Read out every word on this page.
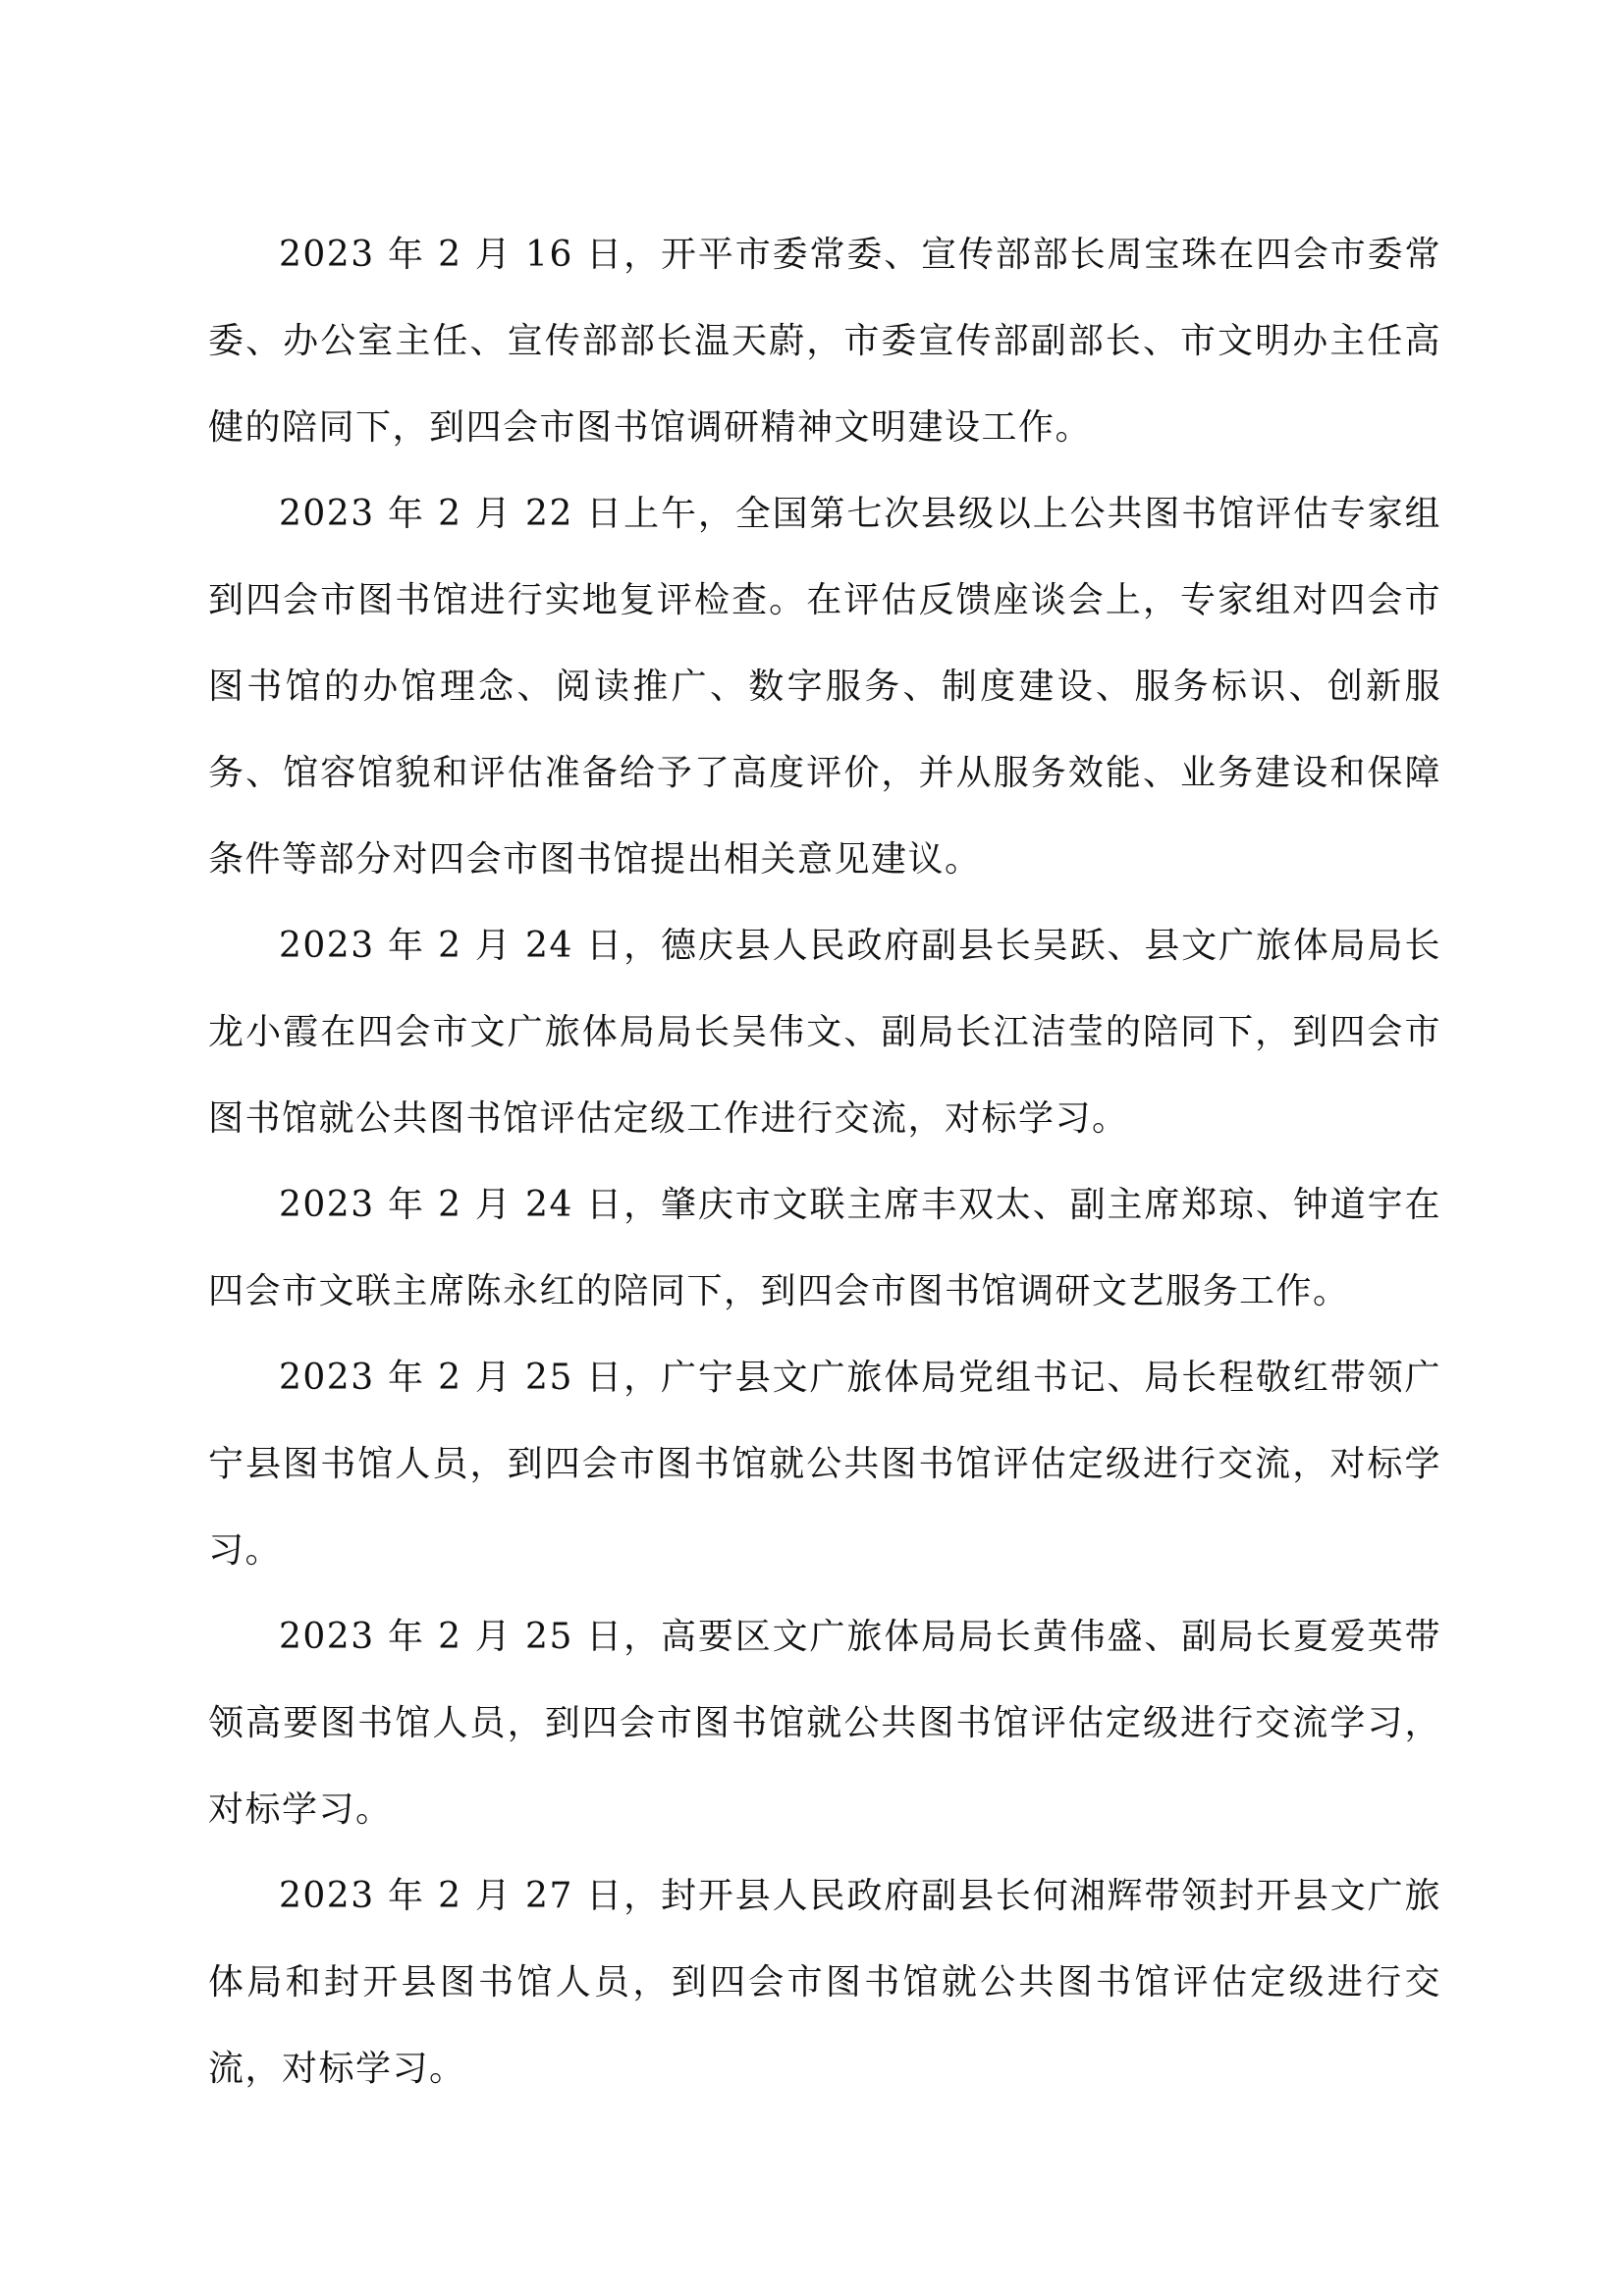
2023 年 2 月 16 日，开平市委常委、宣传部部长周宝珠在四会市委常委、办公室主任、宣传部部长温天蔚，市委宣传部副部长、市文明办主任高健的陪同下，到四会市图书馆调研精神文明建设工作。

2023 年 2 月 22 日上午，全国第七次县级以上公共图书馆评估专家组到四会市图书馆进行实地复评检查。在评估反馈座谈会上，专家组对四会市图书馆的办馆理念、阅读推广、数字服务、制度建设、服务标识、创新服务、馆容馆貌和评估准备给予了高度评价，并从服务效能、业务建设和保障条件等部分对四会市图书馆提出相关意见建议。

2023 年 2 月 24 日，德庆县人民政府副县长吴跃、县文广旅体局局长龙小霞在四会市文广旅体局局长吴伟文、副局长江洁莹的陪同下，到四会市图书馆就公共图书馆评估定级工作进行交流，对标学习。

2023 年 2 月 24 日，肇庆市文联主席丰双太、副主席郑琼、钟道宇在四会市文联主席陈永红的陪同下，到四会市图书馆调研文艺服务工作。

2023 年 2 月 25 日，广宁县文广旅体局党组书记、局长程敬红带领广宁县图书馆人员，到四会市图书馆就公共图书馆评估定级进行交流，对标学习。

2023 年 2 月 25 日，高要区文广旅体局局长黄伟盛、副局长夏爱英带领高要图书馆人员，到四会市图书馆就公共图书馆评估定级进行交流学习，对标学习。

2023 年 2 月 27 日，封开县人民政府副县长何湘辉带领封开县文广旅体局和封开县图书馆人员，到四会市图书馆就公共图书馆评估定级进行交流，对标学习。
